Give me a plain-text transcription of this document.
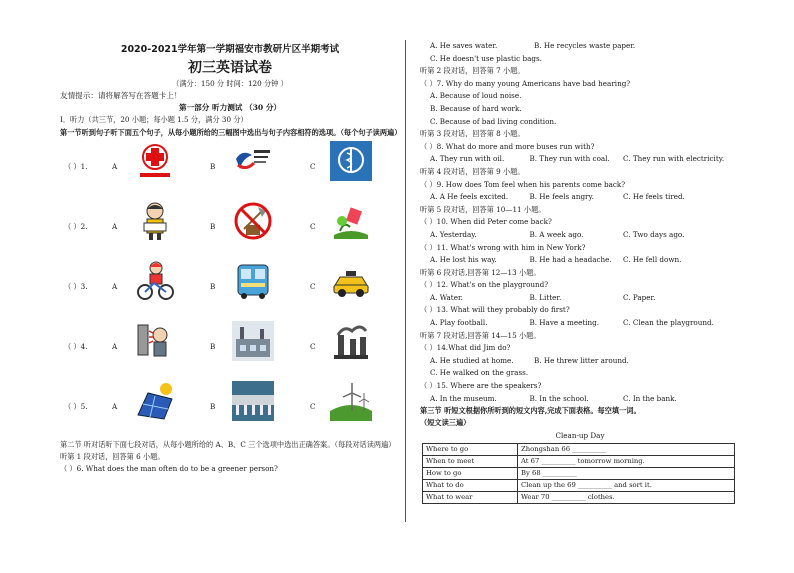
2020-2021学年第一学期福安市教研片区半期考试
初三英语试卷
（满分：150 分 时间：120 分钟 ）
友情提示：请将解答写在答题卡上！
第一部分 听力测试 （30 分）
Ⅰ．听力（共三节，20 小题；每小题 1.5 分，满分 30 分）
第一节听到句子听下面五个句子，从每小题所给的三幅图中选出与句子内容相符的选项。（每个句子读两遍）
（ ）1.	A	B	C
（ ）2.	A	B	C
（ ）3.	A	B	C
（ ）4.	A	B	C
（ ）5.	A	B	C
第二节 听对话听下面七段对话，从每小题所给的 A、B、C 三个选项中选出正确答案。（每段对话读两遍）
听第 1 段对话，回答第 6 小题。
（ ）6. What does the man often do to be a greener person?
A. He saves water.	B. He recycles waste paper.
C. He doesn't use plastic bags.
听第 2 段对话，回答第 7 小题。
（ ）7. Why do many young Americans have bad hearing?
A. Because of loud noise.
B. Because of hard work.
C. Because of bad living condition.
听第 3 段对话，回答第 8 小题。
（ ）8. What do more and more buses run with?
A. They run with oil.	B. They run with coal.	C. They run with electricity.
听第 4 段对话，回答第 9 小题。
（ ）9. How does Tom feel when his parents come back?
A. A He feels excited.	B. He feels angry.	C. He feels tired.
听第 5 段对话，回答第 10—11 小题。
（ ）10. When did Peter come back?
A. Yesterday.	B. A week ago.	C. Two days ago.
（ ）11. What's wrong with him in New York?
A. He lost his way.	B. He had a headache.	C. He fell down.
听第 6 段对话,回答第 12—13 小题。
（ ）12. What's on the playground?
A. Water.	B. Litter.	C. Paper.
（ ）13. What will they probably do first?
A. Play football.	B. Have a meeting.	C. Clean the playground.
听第 7 段对话,回答第 14—15 小题。
（ ）14.What did Jim do?
A. He studied at home.	B. He threw litter around.
C. He walked on the grass.
（ ）15. Where are the speakers?
A. In the museum.	B. In the school.	C. In the bank.
第三节 听短文根据你所听到的短文内容,完成下面表格。每空填一词。
（短文读三遍）
Clean-up Day
Where to go	Zhongshan 66 __________
When to meet	At 67 __________ tomorrow morning.
How to go	By 68 __________
What to do	Clean up the 69 __________ and sort it.
What to wear	Wear 70 __________ clothes.
